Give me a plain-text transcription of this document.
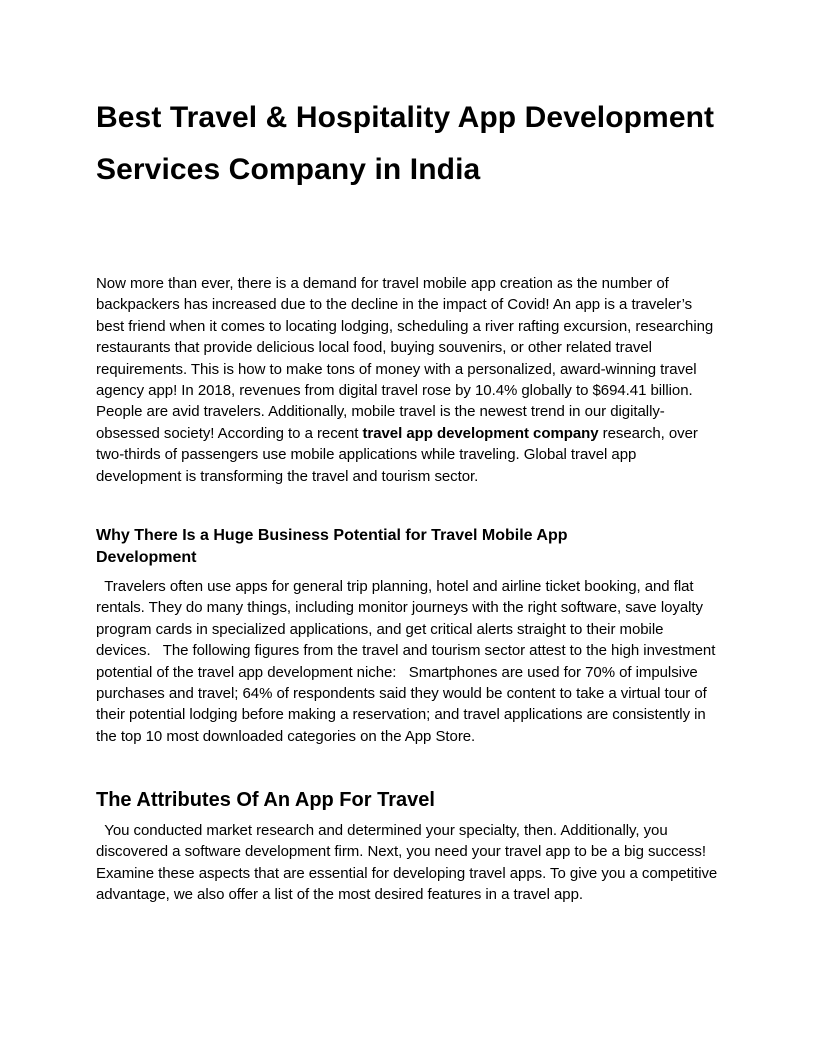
Best Travel & Hospitality App Development Services Company in India

Now more than ever, there is a demand for travel mobile app creation as the number of backpackers has increased due to the decline in the impact of Covid! An app is a traveler’s best friend when it comes to locating lodging, scheduling a river rafting excursion, researching restaurants that provide delicious local food, buying souvenirs, or other related travel requirements. This is how to make tons of money with a personalized, award-winning travel agency app! In 2018, revenues from digital travel rose by 10.4% globally to $694.41 billion. People are avid travelers. Additionally, mobile travel is the newest trend in our digitally-obsessed society! According to a recent travel app development company research, over two-thirds of passengers use mobile applications while traveling. Global travel app development is transforming the travel and tourism sector.

Why There Is a Huge Business Potential for Travel Mobile App Development

Travelers often use apps for general trip planning, hotel and airline ticket booking, and flat rentals. They do many things, including monitor journeys with the right software, save loyalty program cards in specialized applications, and get critical alerts straight to their mobile devices.   The following figures from the travel and tourism sector attest to the high investment potential of the travel app development niche:   Smartphones are used for 70% of impulsive purchases and travel; 64% of respondents said they would be content to take a virtual tour of their potential lodging before making a reservation; and travel applications are consistently in the top 10 most downloaded categories on the App Store.

The Attributes Of An App For Travel

You conducted market research and determined your specialty, then. Additionally, you discovered a software development firm. Next, you need your travel app to be a big success! Examine these aspects that are essential for developing travel apps. To give you a competitive advantage, we also offer a list of the most desired features in a travel app.
